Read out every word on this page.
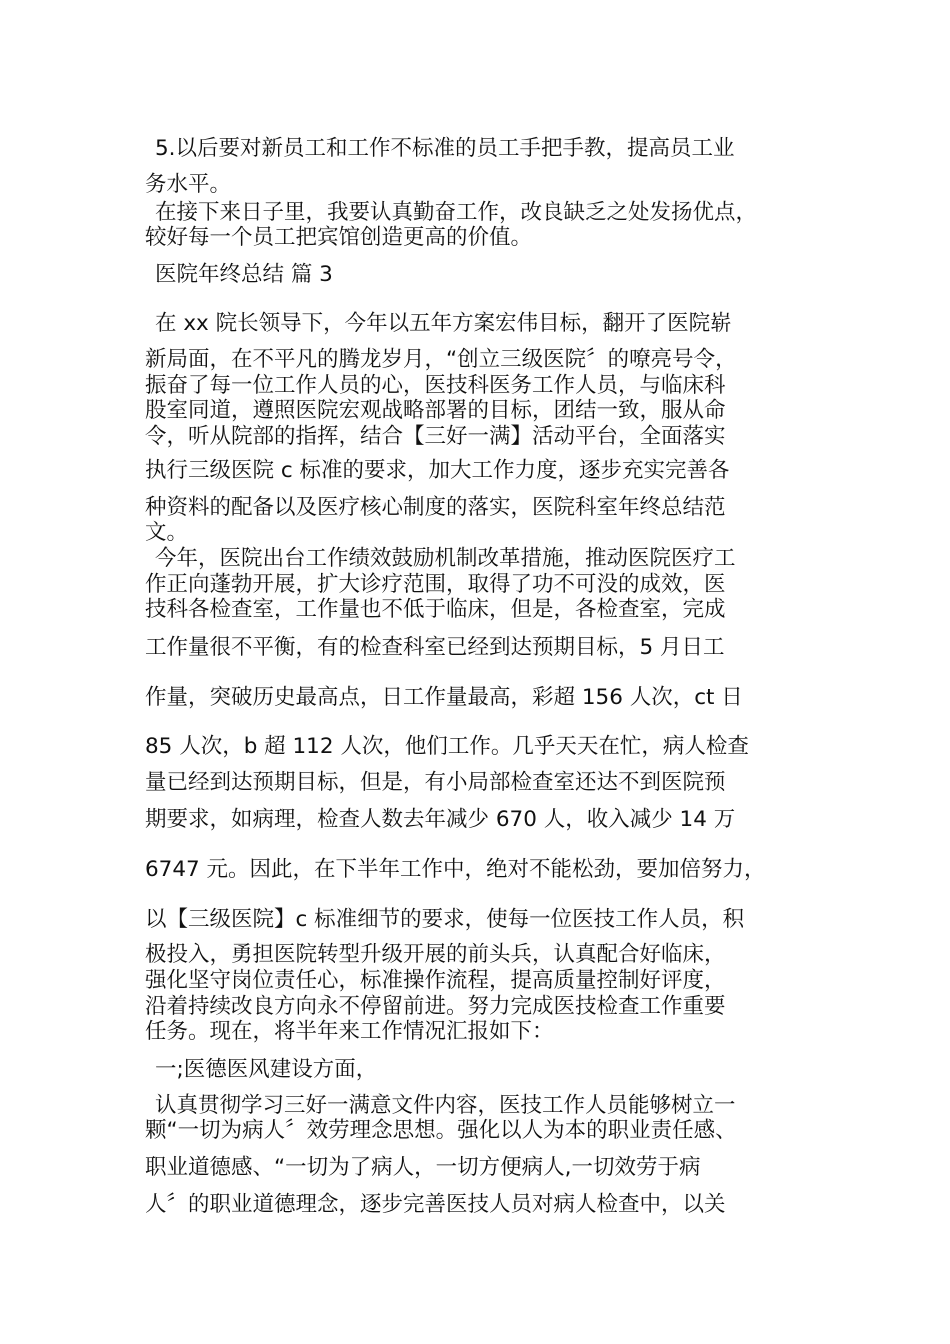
5.以后要对新员工和工作不标准的员工手把手教，提高员工业

务水平。

在接下来日子里，我要认真勤奋工作，改良缺乏之处发扬优点，

较好每一个员工把宾馆创造更高的价值。

医院年终总结 篇 3

在 xx 院长领导下，今年以五年方案宏伟目标，翻开了医院崭

新局面，在不平凡的腾龙岁月，“创立三级医院〞的嘹亮号令，

振奋了每一位工作人员的心，医技科医务工作人员，与临床科

股室同道，遵照医院宏观战略部署的目标，团结一致，服从命

令，听从院部的指挥，结合【三好一满】活动平台，全面落实

执行三级医院 c 标准的要求，加大工作力度，逐步充实完善各

种资料的配备以及医疗核心制度的落实，医院科室年终总结范

文。

今年，医院出台工作绩效鼓励机制改革措施，推动医院医疗工

作正向蓬勃开展，扩大诊疗范围，取得了功不可没的成效，医

技科各检查室，工作量也不低于临床，但是，各检查室，完成

工作量很不平衡，有的检查科室已经到达预期目标，5 月日工

作量，突破历史最高点，日工作量最高，彩超 156 人次，ct 日

85 人次，b 超 112 人次，他们工作。几乎天天在忙，病人检查

量已经到达预期目标，但是，有小局部检查室还达不到医院预

期要求，如病理，检查人数去年减少 670 人，收入减少 14 万

6747 元。因此，在下半年工作中，绝对不能松劲，要加倍努力，

以【三级医院】c 标准细节的要求，使每一位医技工作人员，积

极投入，勇担医院转型升级开展的前头兵，认真配合好临床，

强化坚守岗位责任心，标准操作流程，提高质量控制好评度，

沿着持续改良方向永不停留前进。努力完成医技检查工作重要

任务。现在，将半年来工作情况汇报如下：

一;医德医风建设方面，

认真贯彻学习三好一满意文件内容，医技工作人员能够树立一

颗“一切为病人〞效劳理念思想。强化以人为本的职业责任感、

职业道德感、“一切为了病人，一切方便病人,一切效劳于病

人〞的职业道德理念，逐步完善医技人员对病人检查中，以关
